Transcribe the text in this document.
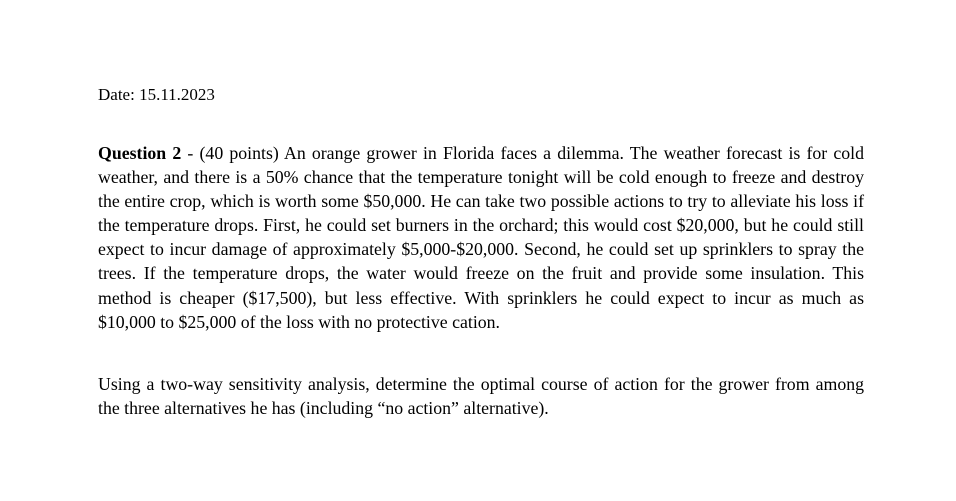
Date: 15.11.2023

Question 2 - (40 points) An orange grower in Florida faces a dilemma. The weather forecast is for cold weather, and there is a 50% chance that the temperature tonight will be cold enough to freeze and destroy the entire crop, which is worth some $50,000. He can take two possible actions to try to alleviate his loss if the temperature drops. First, he could set burners in the orchard; this would cost $20,000, but he could still expect to incur damage of approximately $5,000-$20,000. Second, he could set up sprinklers to spray the trees. If the temperature drops, the water would freeze on the fruit and provide some insulation. This method is cheaper ($17,500), but less effective. With sprinklers he could expect to incur as much as $10,000 to $25,000 of the loss with no protective cation.

Using a two-way sensitivity analysis, determine the optimal course of action for the grower from among the three alternatives he has (including “no action” alternative).
